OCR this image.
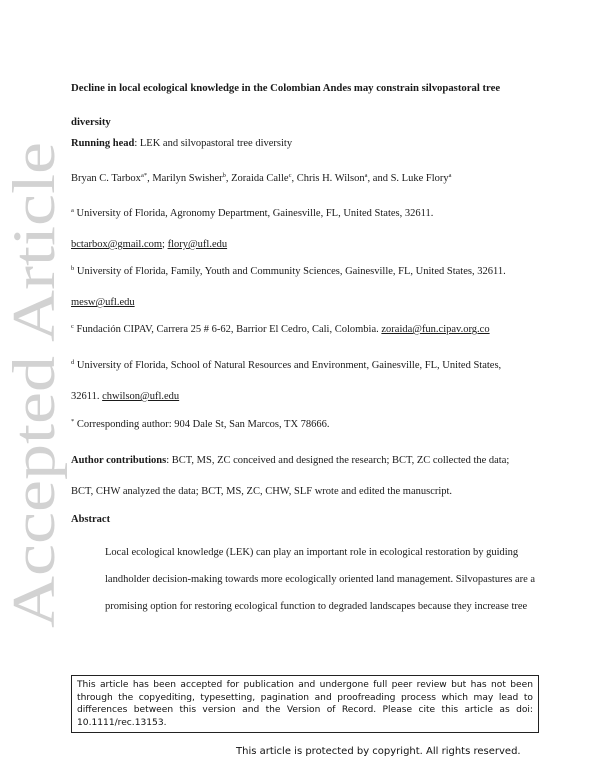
Accepted Article
Decline in local ecological knowledge in the Colombian Andes may constrain silvopastoral tree diversity
Running head: LEK and silvopastoral tree diversity
Bryan C. Tarbox$^{a*}$, Marilyn Swisher$^b$, Zoraida Calle$^c$, Chris H. Wilson$^a$, and S. Luke Flory$^a$
$^a$ University of Florida, Agronomy Department, Gainesville, FL, United States, 32611.
bctarbox@gmail.com; flory@ufl.edu
$^b$ University of Florida, Family, Youth and Community Sciences, Gainesville, FL, United States, 32611.
mesw@ufl.edu
$^c$ Fundación CIPAV, Carrera 25 # 6-62, Barrior El Cedro, Cali, Colombia. zoraida@fun.cipav.org.co
$^d$ University of Florida, School of Natural Resources and Environment, Gainesville, FL, United States,
32611. chwilson@ufl.edu
* Corresponding author: 904 Dale St, San Marcos, TX 78666.
Author contributions: BCT, MS, ZC conceived and designed the research; BCT, ZC collected the data;
BCT, CHW analyzed the data; BCT, MS, ZC, CHW, SLF wrote and edited the manuscript.
Abstract
Local ecological knowledge (LEK) can play an important role in ecological restoration by guiding landholder decision-making towards more ecologically oriented land management. Silvopastures are a promising option for restoring ecological function to degraded landscapes because they increase tree
This article has been accepted for publication and undergone full peer review but has not been through the copyediting, typesetting, pagination and proofreading process which may lead to differences between this version and the Version of Record. Please cite this article as doi: 10.1111/rec.13153.
This article is protected by copyright. All rights reserved.
